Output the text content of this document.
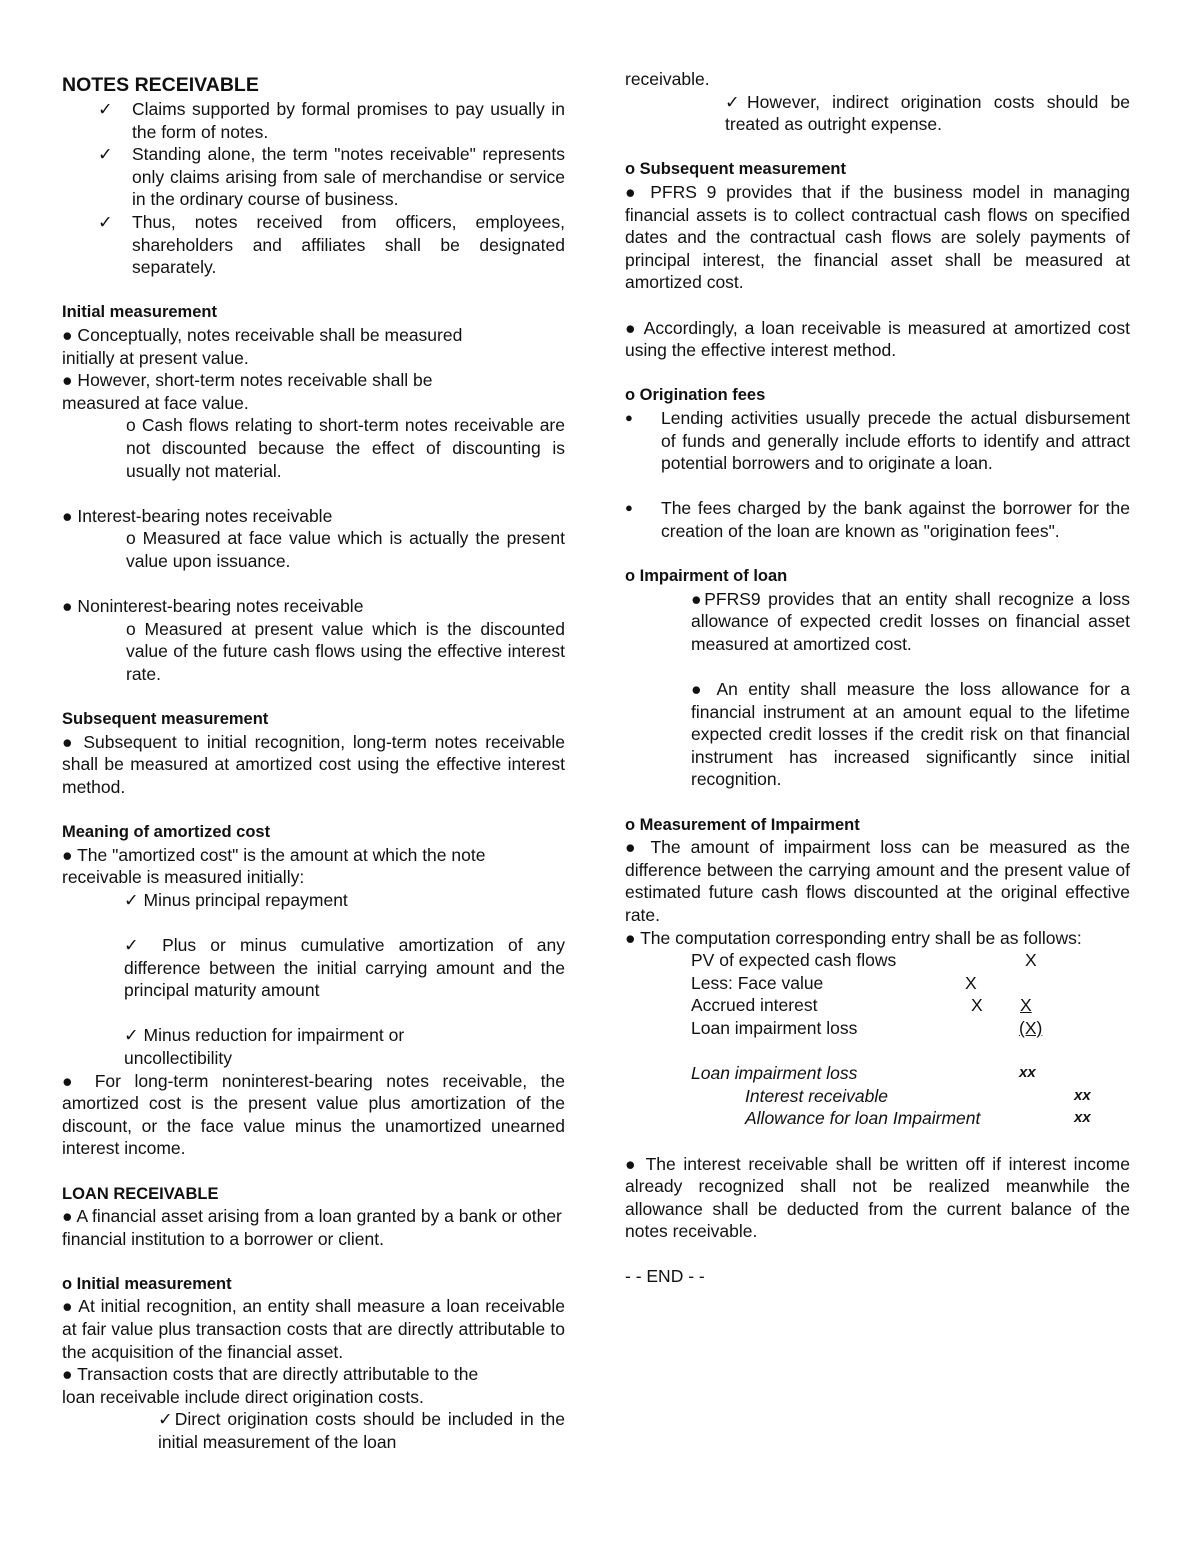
NOTES RECEIVABLE
✓ Claims supported by formal promises to pay usually in the form of notes.
✓ Standing alone, the term "notes receivable" represents only claims arising from sale of merchandise or service in the ordinary course of business.
✓ Thus, notes received from officers, employees, shareholders and affiliates shall be designated separately.
Initial measurement
● Conceptually, notes receivable shall be measured initially at present value.
● However, short-term notes receivable shall be measured at face value.
o Cash flows relating to short-term notes receivable are not discounted because the effect of discounting is usually not material.
● Interest-bearing notes receivable
o Measured at face value which is actually the present value upon issuance.
● Noninterest-bearing notes receivable
o Measured at present value which is the discounted value of the future cash flows using the effective interest rate.
Subsequent measurement
● Subsequent to initial recognition, long-term notes receivable shall be measured at amortized cost using the effective interest method.
Meaning of amortized cost
● The "amortized cost" is the amount at which the note receivable is measured initially:
✓ Minus principal repayment
✓ Plus or minus cumulative amortization of any difference between the initial carrying amount and the principal maturity amount
✓ Minus reduction for impairment or uncollectibility
● For long-term noninterest-bearing notes receivable, the amortized cost is the present value plus amortization of the discount, or the face value minus the unamortized unearned interest income.
LOAN RECEIVABLE
● A financial asset arising from a loan granted by a bank or other financial institution to a borrower or client.
o Initial measurement
● At initial recognition, an entity shall measure a loan receivable at fair value plus transaction costs that are directly attributable to the acquisition of the financial asset.
● Transaction costs that are directly attributable to the loan receivable include direct origination costs.
✓Direct origination costs should be included in the initial measurement of the loan
receivable.
✓However, indirect origination costs should be treated as outright expense.
o Subsequent measurement
● PFRS 9 provides that if the business model in managing financial assets is to collect contractual cash flows on specified dates and the contractual cash flows are solely payments of principal interest, the financial asset shall be measured at amortized cost.
● Accordingly, a loan receivable is measured at amortized cost using the effective interest method.
o Origination fees
● Lending activities usually precede the actual disbursement of funds and generally include efforts to identify and attract potential borrowers and to originate a loan.
● The fees charged by the bank against the borrower for the creation of the loan are known as "origination fees".
o Impairment of loan
●PFRS9 provides that an entity shall recognize a loss allowance of expected credit losses on financial asset measured at amortized cost.
● An entity shall measure the loss allowance for a financial instrument at an amount equal to the lifetime expected credit losses if the credit risk on that financial instrument has increased significantly since initial recognition.
o Measurement of Impairment
● The amount of impairment loss can be measured as the difference between the carrying amount and the present value of estimated future cash flows discounted at the original effective rate.
● The computation corresponding entry shall be as follows:
PV of expected cash flows	X
Less: Face value	X
Accrued interest	X X
Loan impairment loss	(X)
Loan impairment loss	xx
Interest receivable	xx
Allowance for loan Impairment	xx
● The interest receivable shall be written off if interest income already recognized shall not be realized meanwhile the allowance shall be deducted from the current balance of the notes receivable.
- - END - -
